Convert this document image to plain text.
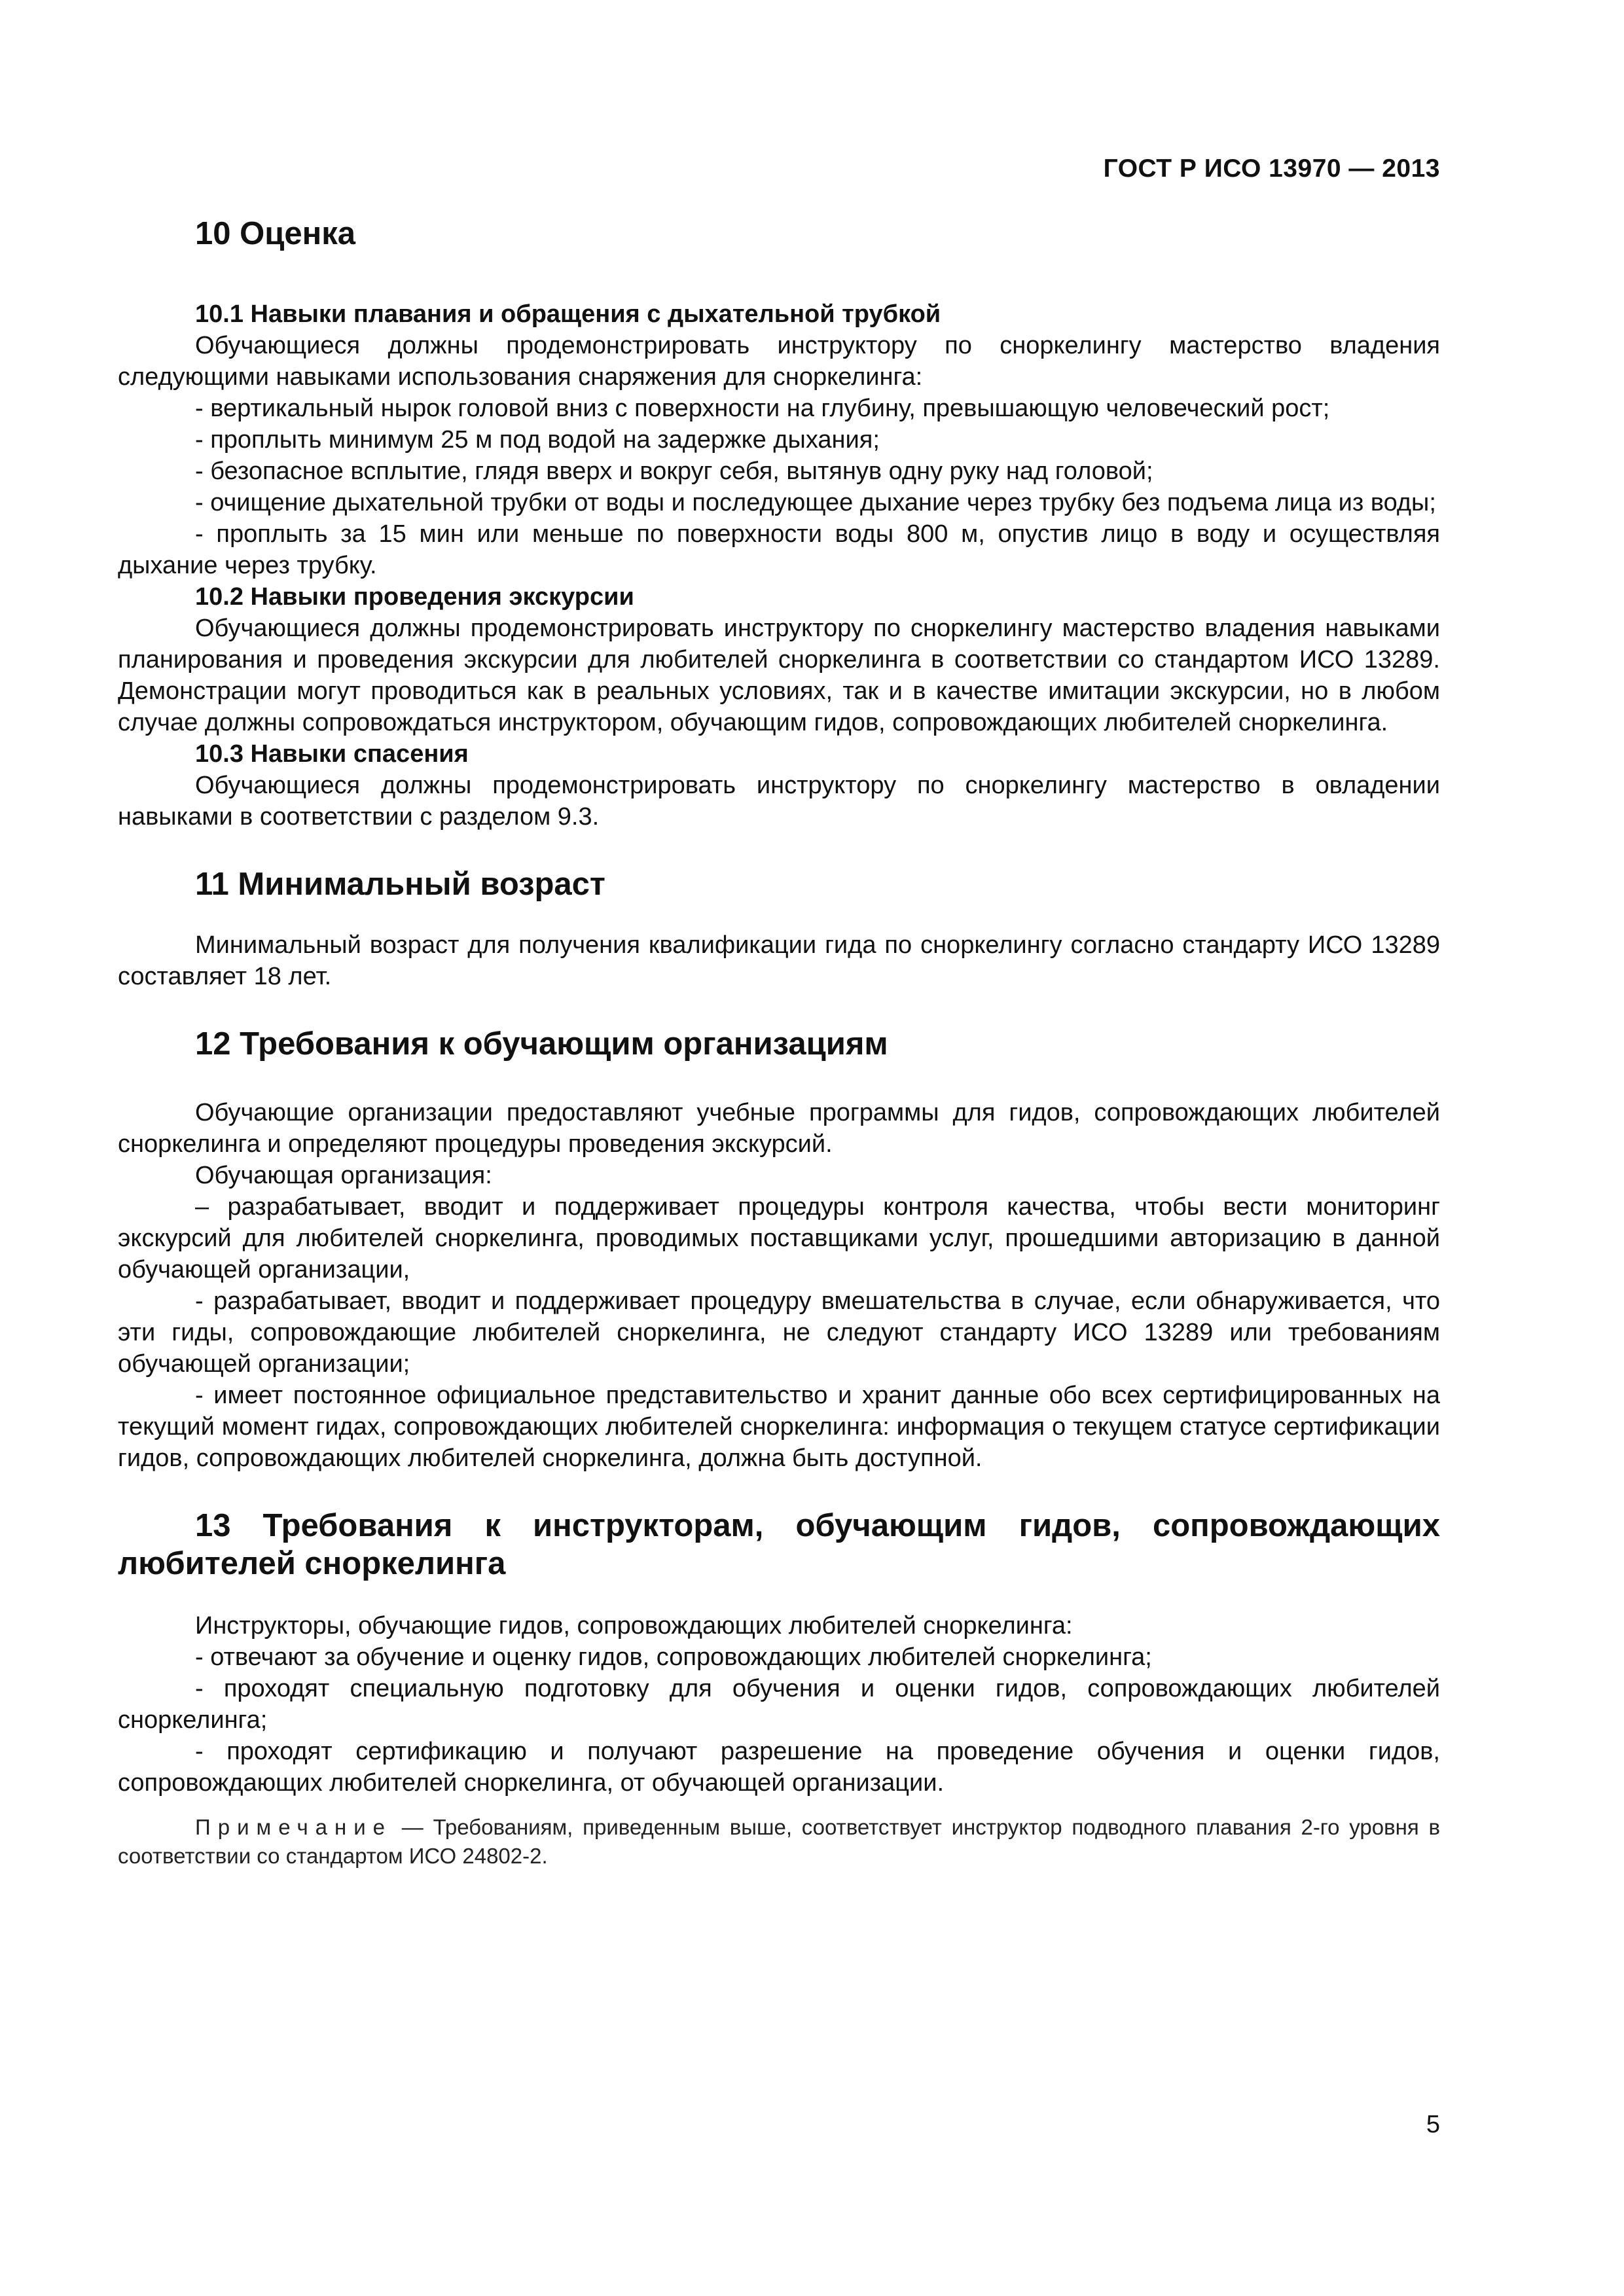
ГОСТ Р ИСО 13970 — 2013
10 Оценка

10.1 Навыки плавания и обращения с дыхательной трубкой

Обучающиеся должны продемонстрировать инструктору по сноркелингу мастерство владения следующими навыками использования снаряжения для сноркелинга:

- вертикальный нырок головой вниз с поверхности на глубину, превышающую человеческий рост;

- проплыть минимум 25 м под водой на задержке дыхания;

- безопасное всплытие, глядя вверх и вокруг себя, вытянув одну руку над головой;

- очищение дыхательной трубки от воды и последующее дыхание через трубку без подъема лица из воды;

- проплыть за 15 мин или меньше по поверхности воды 800 м, опустив лицо в воду и осуществляя дыхание через трубку.

10.2 Навыки проведения экскурсии

Обучающиеся должны продемонстрировать инструктору по сноркелингу мастерство владения навыками планирования и проведения экскурсии для любителей сноркелинга в соответствии со стандартом ИСО 13289. Демонстрации могут проводиться как в реальных условиях, так и в качестве имитации экскурсии, но в любом случае должны сопровождаться инструктором, обучающим гидов, сопровождающих любителей сноркелинга.

10.3 Навыки спасения

Обучающиеся должны продемонстрировать инструктору по сноркелингу мастерство в овладении навыками в соответствии с разделом 9.3.

11 Минимальный возраст

Минимальный возраст для получения квалификации гида по сноркелингу согласно стандарту ИСО 13289 составляет 18 лет.

12 Требования к обучающим организациям

Обучающие организации предоставляют учебные программы для гидов, сопровождающих любителей сноркелинга и определяют процедуры проведения экскурсий.

Обучающая организация:

– разрабатывает, вводит и поддерживает процедуры контроля качества, чтобы вести мониторинг экскурсий для любителей сноркелинга, проводимых поставщиками услуг, прошедшими авторизацию в данной обучающей организации,

- разрабатывает, вводит и поддерживает процедуру вмешательства в случае, если обнаруживается, что эти гиды, сопровождающие любителей сноркелинга, не следуют стандарту ИСО 13289 или требованиям обучающей организации;

- имеет постоянное официальное представительство и хранит данные обо всех сертифицированных на текущий момент гидах, сопровождающих любителей сноркелинга: информация о текущем статусе сертификации гидов, сопровождающих любителей сноркелинга, должна быть доступной.

13 Требования к инструкторам, обучающим гидов, сопровождающих любителей сноркелинга

Инструкторы, обучающие гидов, сопровождающих любителей сноркелинга:

- отвечают за обучение и оценку гидов, сопровождающих любителей сноркелинга;

- проходят специальную подготовку для обучения и оценки гидов, сопровождающих любителей сноркелинга;

- проходят сертификацию и получают разрешение на проведение обучения и оценки гидов, сопровождающих любителей сноркелинга, от обучающей организации.

Примечание — Требованиям, приведенным выше, соответствует инструктор подводного плавания 2-го уровня в соответствии со стандартом ИСО 24802-2.

5
